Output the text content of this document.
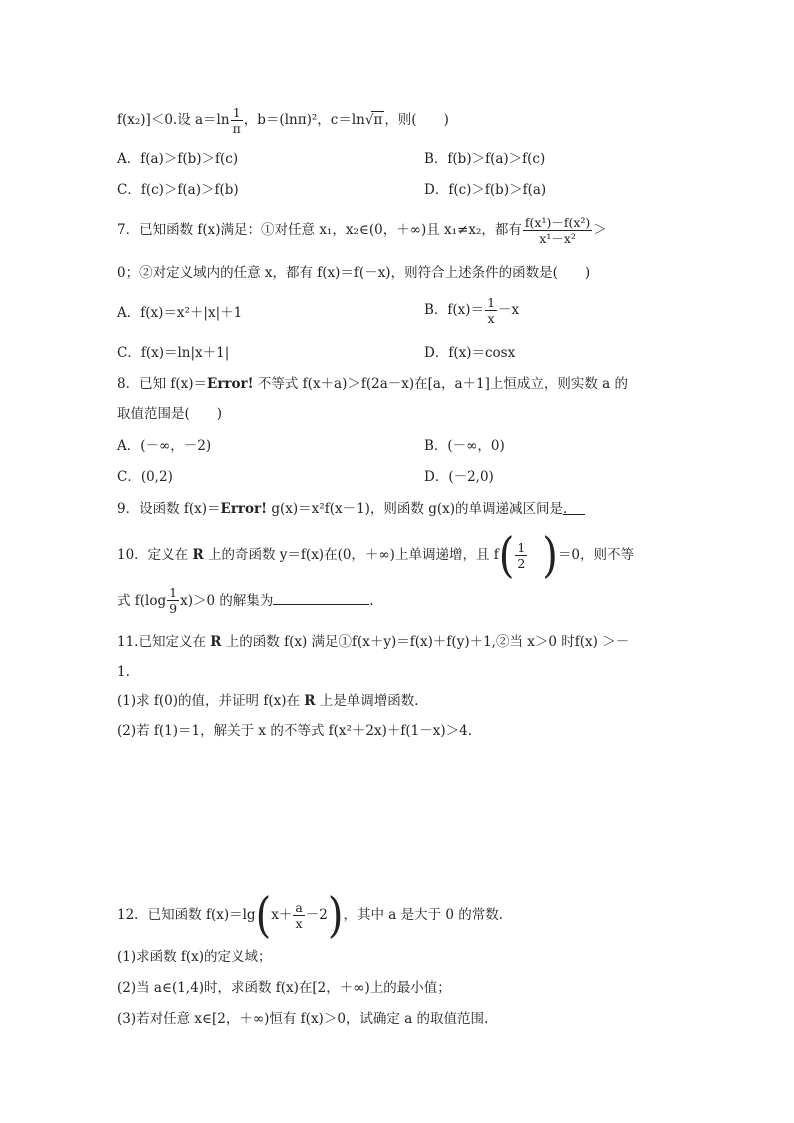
f(x₂)]＜0.设 $a=\ln \frac{1}{\pi}$ ，b＝(lnπ)²，c＝ln√π ，则(　　)
A．f(a)＞f(b)＞f(c)	B．f(b)＞f(a)＞f(c)
C．f(c)＞f(a)＞f(b)	D．f(c)＞f(b)＞f(a)
7．已知函数 f(x)满足：①对任意 x₁，x₂∈(0，＋∞)且 x₁≠x₂，都有 $\frac{\text{f(x¹)－f(x²)}}{\text{x¹－x²}}$ ＞
0；②对定义域内的任意 x，都有 f(x)＝f(－x)，则符合上述条件的函数是(　　)
A．f(x)＝x²＋|x|＋1	B．$f(x)= \frac{1}{x} -x$
C．f(x)＝ln|x＋1|	D．f(x)＝cosx
8．已知 f(x)＝Error! 不等式 f(x＋a)＞f(2a－x)在[a，a＋1]上恒成立，则实数 a 的
取值范围是(　　)
A．(－∞，－2)	B．(－∞，0)
C．(0,2)	D．(－2,0)
9．设函数 f(x)＝Error! g(x)＝x²f(x－1)，则函数 g(x)的单调递减区间是．
10．定义在 R 上的奇函数 y＝f(x)在(0，＋∞)上单调递增，且 $f( \frac{1}{2} )=0$，则不等
式 $f(\log \frac{1}{9} x)>0$ 的解集为	.
11.已知定义在 R 上的函数 f(x) 满足①f(x＋y)＝f(x)＋f(y)＋1,②当 x＞0 时f(x) ＞－
1.
(1)求 f(0)的值，并证明 f(x)在 R 上是单调增函数.
(2)若 f(1)＝1，解关于 x 的不等式 f(x²＋2x)＋f(1－x)＞4.
12．已知函数 $f(x)=\lg(x+ \frac{a}{x} -2)$，其中 a 是大于 0 的常数.
(1)求函数 f(x)的定义域；
(2)当 a∈(1,4)时，求函数 f(x)在[2，＋∞)上的最小值；
(3)若对任意 x∈[2，＋∞)恒有 f(x)＞0，试确定 a 的取值范围.
